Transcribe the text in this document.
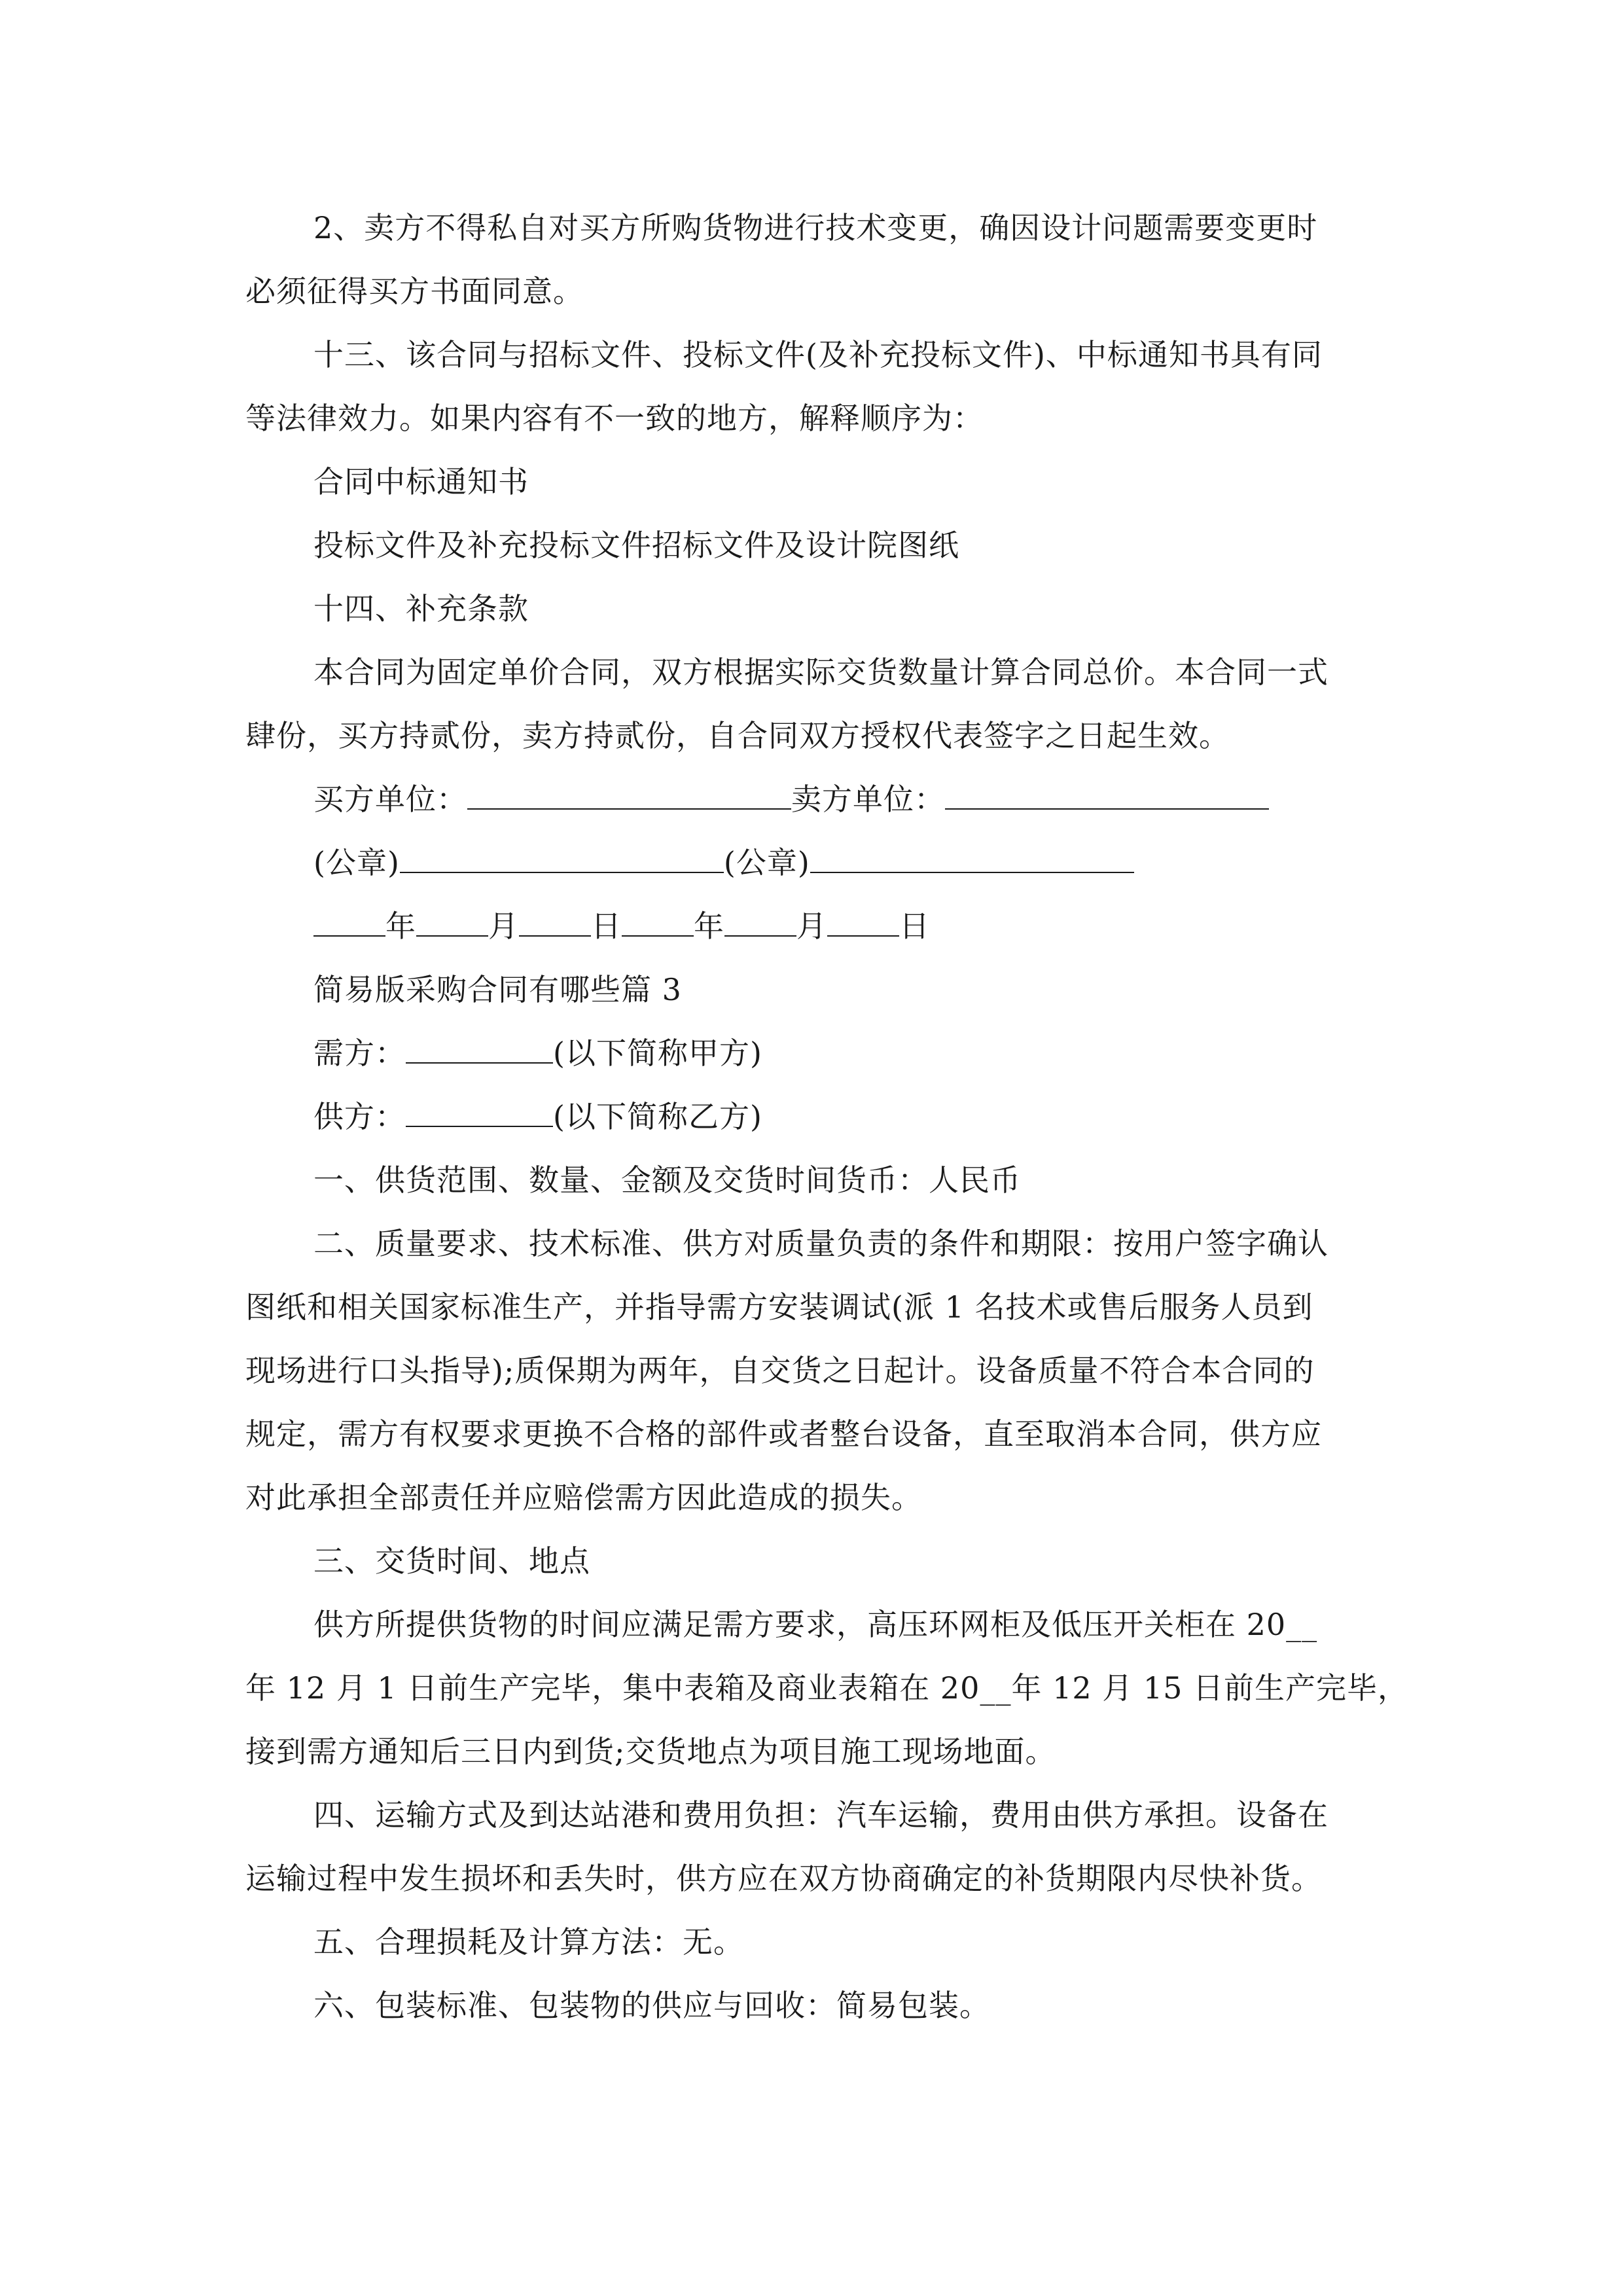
2、卖方不得私自对买方所购货物进行技术变更，确因设计问题需要变更时
必须征得买方书面同意。
十三、该合同与招标文件、投标文件(及补充投标文件)、中标通知书具有同
等法律效力。如果内容有不一致的地方，解释顺序为：
合同中标通知书
投标文件及补充投标文件招标文件及设计院图纸
十四、补充条款
本合同为固定单价合同，双方根据实际交货数量计算合同总价。本合同一式
肆份，买方持贰份，卖方持贰份，自合同双方授权代表签字之日起生效。
买方单位：	卖方单位：
(公章)	(公章)
年 月 日 年 月 日
简易版采购合同有哪些篇 3
需方：	(以下简称甲方)
供方：	(以下简称乙方)
一、供货范围、数量、金额及交货时间货币：人民币
二、质量要求、技术标准、供方对质量负责的条件和期限：按用户签字确认
图纸和相关国家标准生产，并指导需方安装调试(派 1 名技术或售后服务人员到
现场进行口头指导);质保期为两年，自交货之日起计。设备质量不符合本合同的
规定，需方有权要求更换不合格的部件或者整台设备，直至取消本合同，供方应
对此承担全部责任并应赔偿需方因此造成的损失。
三、交货时间、地点
供方所提供货物的时间应满足需方要求，高压环网柜及低压开关柜在 20__
年 12 月 1 日前生产完毕，集中表箱及商业表箱在 20__年 12 月 15 日前生产完毕，
接到需方通知后三日内到货;交货地点为项目施工现场地面。
四、运输方式及到达站港和费用负担：汽车运输，费用由供方承担。设备在
运输过程中发生损坏和丢失时，供方应在双方协商确定的补货期限内尽快补货。
五、合理损耗及计算方法：无。
六、包装标准、包装物的供应与回收：简易包装。
